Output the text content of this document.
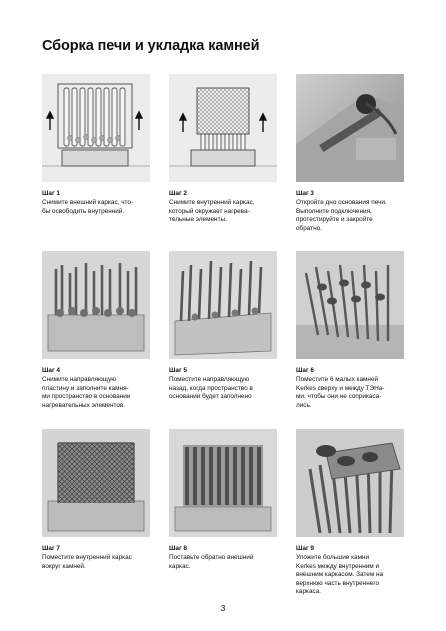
Сборка печи и укладка камней
Шаг 1
Снимите внешний каркас, что-
бы освободить внутренний.
Шаг 2
Снимите внутренний каркас,
который окружает нагрева-
тельные элементы.
Шаг 3
Откройте дно основания печи.
Выполните подключения,
протестируйте и закройте
обратно.
Шаг 4
Снимите направляющую
пластину и заполните камня-
ми пространство в основании
нагревательных элементов.
Шаг 5
Поместите направляющую
назад, когда пространство в
основании будет заполнено
Шаг 6
Поместите 6 малых камней
Kerkes сверху и между ТЭНа-
ми, чтобы они не соприкаса-
лись.
Шаг 7
Поместите внутренний каркас
вокруг камней.
Шаг 8
Поставьте обратно внешний
каркас.
Шаг 9
Уложите большие камни
Kerkes между внутренним и
внешним каркасом. Затем на
верхнюю часть внутреннего
каркаса.
3
